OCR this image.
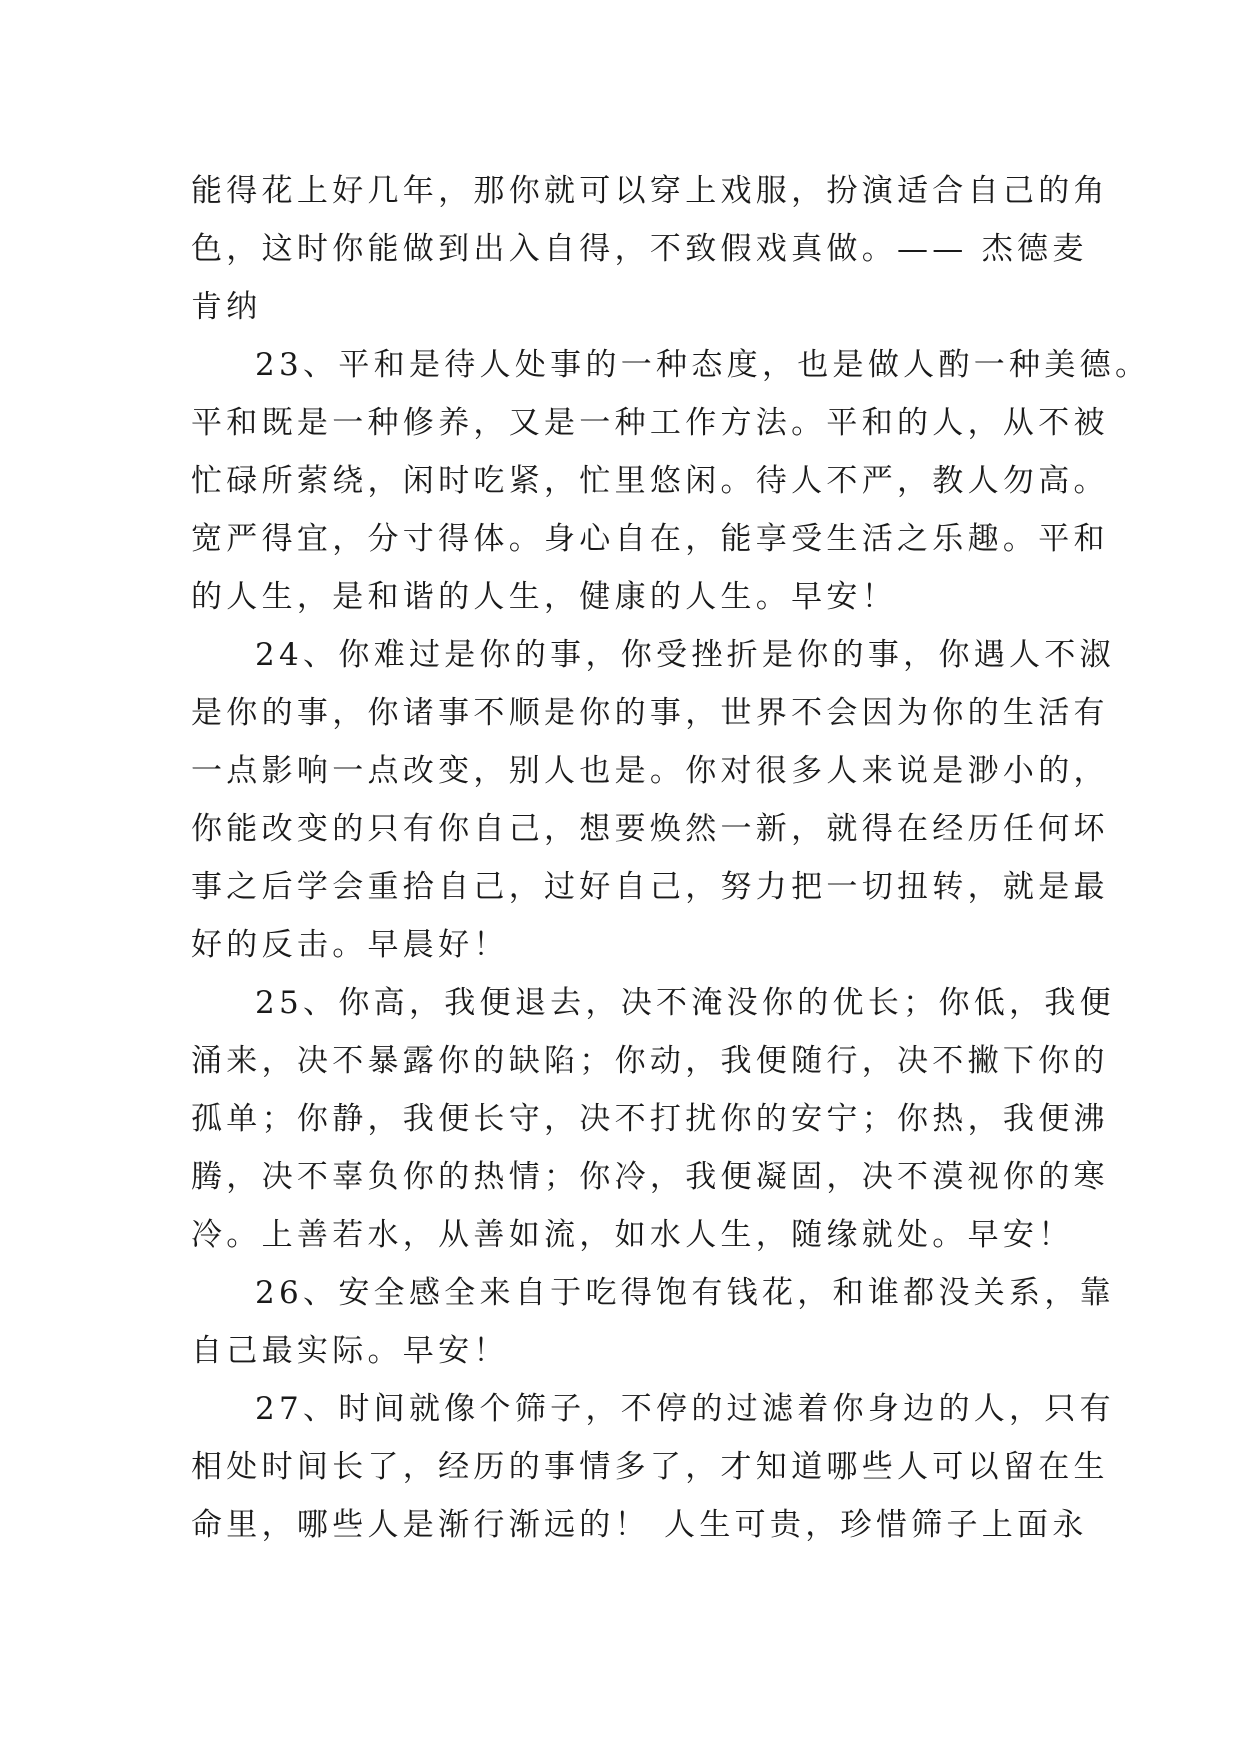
能得花上好几年，那你就可以穿上戏服，扮演适合自己的角
色，这时你能做到出入自得，不致假戏真做。—— 杰德麦
肯纳
23、平和是待人处事的一种态度，也是做人酌一种美德。
平和既是一种修养，又是一种工作方法。平和的人，从不被
忙碌所萦绕，闲时吃紧，忙里悠闲。待人不严，教人勿高。
宽严得宜，分寸得体。身心自在，能享受生活之乐趣。平和
的人生，是和谐的人生，健康的人生。早安！
24、你难过是你的事，你受挫折是你的事，你遇人不淑
是你的事，你诸事不顺是你的事，世界不会因为你的生活有
一点影响一点改变，别人也是。你对很多人来说是渺小的，
你能改变的只有你自己，想要焕然一新，就得在经历任何坏
事之后学会重拾自己，过好自己，努力把一切扭转，就是最
好的反击。早晨好！
25、你高，我便退去，决不淹没你的优长；你低，我便
涌来，决不暴露你的缺陷；你动，我便随行，决不撇下你的
孤单；你静，我便长守，决不打扰你的安宁；你热，我便沸
腾，决不辜负你的热情；你冷，我便凝固，决不漠视你的寒
冷。上善若水，从善如流，如水人生，随缘就处。早安！
26、安全感全来自于吃得饱有钱花，和谁都没关系，靠
自己最实际。早安！
27、时间就像个筛子，不停的过滤着你身边的人，只有
相处时间长了，经历的事情多了，才知道哪些人可以留在生
命里，哪些人是渐行渐远的！ 人生可贵，珍惜筛子上面永
